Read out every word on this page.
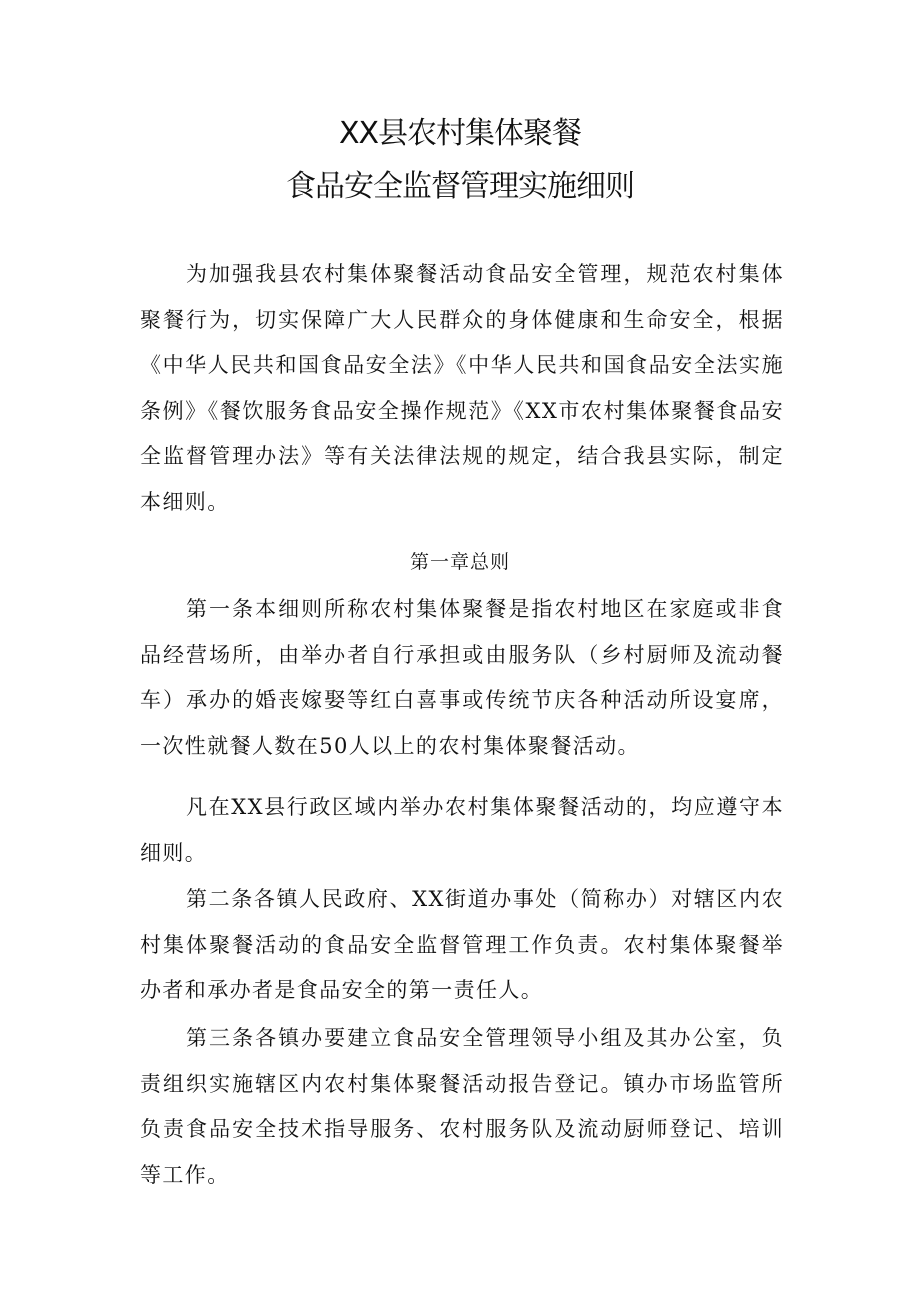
XX县农村集体聚餐
食品安全监督管理实施细则

为加强我县农村集体聚餐活动食品安全管理，规范农村集体聚餐行为，切实保障广大人民群众的身体健康和生命安全，根据《中华人民共和国食品安全法》《中华人民共和国食品安全法实施条例》《餐饮服务食品安全操作规范》《XX市农村集体聚餐食品安全监督管理办法》等有关法律法规的规定，结合我县实际，制定本细则。

第一章总则

第一条本细则所称农村集体聚餐是指农村地区在家庭或非食品经营场所，由举办者自行承担或由服务队（乡村厨师及流动餐车）承办的婚丧嫁娶等红白喜事或传统节庆各种活动所设宴席，一次性就餐人数在50人以上的农村集体聚餐活动。

凡在XX县行政区域内举办农村集体聚餐活动的，均应遵守本细则。

第二条各镇人民政府、XX街道办事处（简称办）对辖区内农村集体聚餐活动的食品安全监督管理工作负责。农村集体聚餐举办者和承办者是食品安全的第一责任人。

第三条各镇办要建立食品安全管理领导小组及其办公室，负责组织实施辖区内农村集体聚餐活动报告登记。镇办市场监管所负责食品安全技术指导服务、农村服务队及流动厨师登记、培训等工作。
